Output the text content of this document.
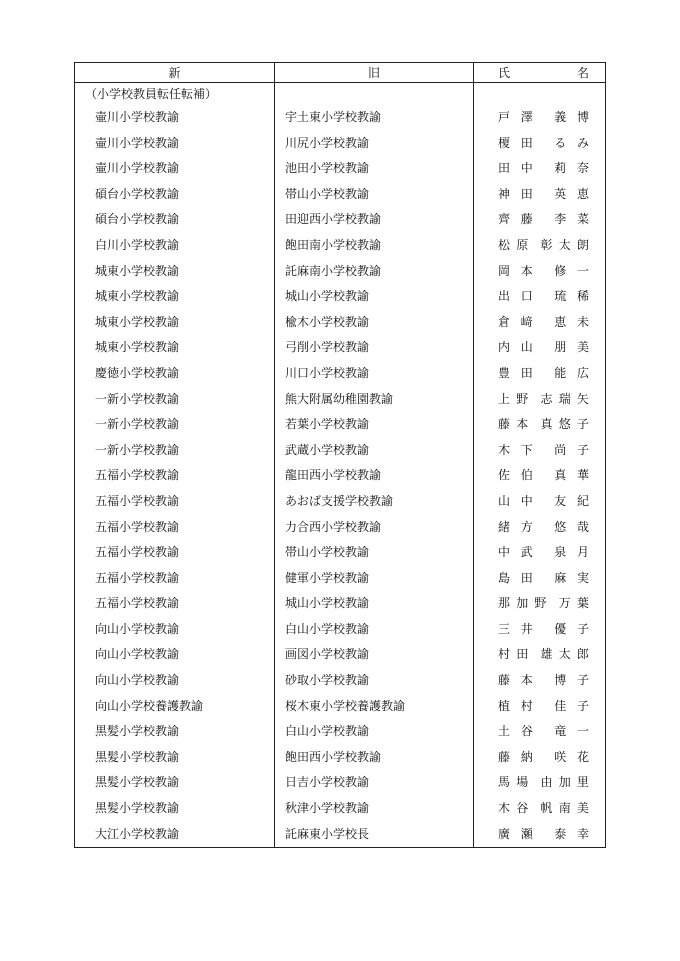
新	旧	氏 名

（小学校教員転任転補）		
壷川小学校教諭	宇土東小学校教諭	戸 澤 義 博

壷川小学校教諭	川尻小学校教諭	榎 田 る み

壷川小学校教諭	池田小学校教諭	田 中 莉 奈

碩台小学校教諭	帯山小学校教諭	神 田 英 恵

碩台小学校教諭	田迎西小学校教諭	齊 藤 李 菜

白川小学校教諭	飽田南小学校教諭	松 原 彰 太 朗

城東小学校教諭	託麻南小学校教諭	岡 本 修 一

城東小学校教諭	城山小学校教諭	出 口 琉 稀

城東小学校教諭	楡木小学校教諭	倉 﨑 恵 未

城東小学校教諭	弓削小学校教諭	内 山 朋 美

慶徳小学校教諭	川口小学校教諭	豊 田 能 広

一新小学校教諭	熊大附属幼稚園教諭	上 野 志 瑞 矢

一新小学校教諭	若葉小学校教諭	藤 本 真 悠 子

一新小学校教諭	武蔵小学校教諭	木 下 尚 子

五福小学校教諭	龍田西小学校教諭	佐 伯 真 華

五福小学校教諭	あおば支援学校教諭	山 中 友 紀

五福小学校教諭	力合西小学校教諭	緒 方 悠 哉

五福小学校教諭	帯山小学校教諭	中 武 泉 月

五福小学校教諭	健軍小学校教諭	島 田 麻 実

五福小学校教諭	城山小学校教諭	那 加 野 万 葉

向山小学校教諭	白山小学校教諭	三 井 優 子

向山小学校教諭	画図小学校教諭	村 田 雄 太 郎

向山小学校教諭	砂取小学校教諭	藤 本 博 子

向山小学校養護教諭	桜木東小学校養護教諭	植 村 佳 子

黒髪小学校教諭	白山小学校教諭	土 谷 竜 一

黒髪小学校教諭	飽田西小学校教諭	藤 納 咲 花

黒髪小学校教諭	日吉小学校教諭	馬 場 由 加 里

黒髪小学校教諭	秋津小学校教諭	木 谷 帆 南 美

大江小学校教諭	託麻東小学校長	廣 瀬 泰 幸
